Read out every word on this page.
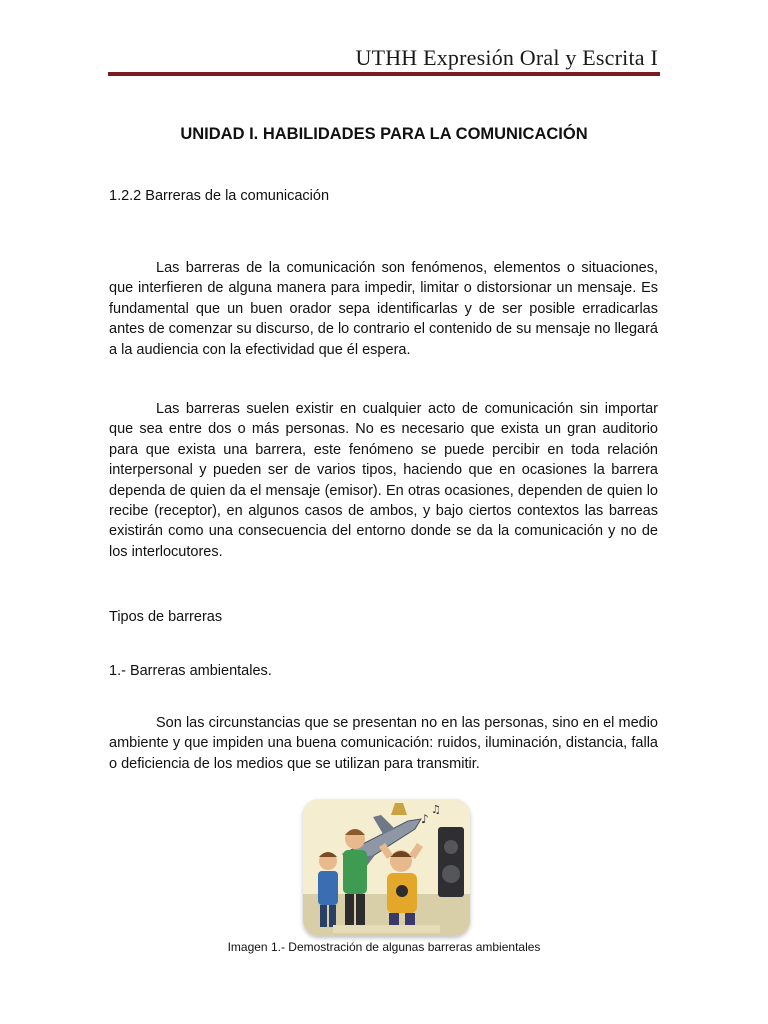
UTHH Expresión Oral y Escrita I
UNIDAD I. HABILIDADES PARA LA COMUNICACIÓN
1.2.2 Barreras de la comunicación

Las barreras de la comunicación son fenómenos, elementos o situaciones, que interfieren de alguna manera para impedir, limitar o distorsionar un mensaje. Es fundamental que un buen orador sepa identificarlas y de ser posible erradicarlas antes de comenzar su discurso, de lo contrario el contenido de su mensaje no llegará a la audiencia con la efectividad que él espera.

Las barreras suelen existir en cualquier acto de comunicación sin importar que sea entre dos o más personas. No es necesario que exista un gran auditorio para que exista una barrera, este fenómeno se puede percibir en toda relación interpersonal y pueden ser de varios tipos, haciendo que en ocasiones la barrera dependa de quien da el mensaje (emisor). En otras ocasiones, dependen de quien lo recibe (receptor), en algunos casos de ambos, y bajo ciertos contextos las barreas existirán como una consecuencia del entorno donde se da la comunicación y no de los interlocutores.

Tipos de barreras
1.- Barreras ambientales.

Son las circunstancias que se presentan no en las personas, sino en el medio ambiente y que impiden una buena comunicación: ruidos, iluminación, distancia, falla o deficiencia de los medios que se utilizan para transmitir.

♪
♫
Imagen 1.- Demostración de algunas barreras ambientales
